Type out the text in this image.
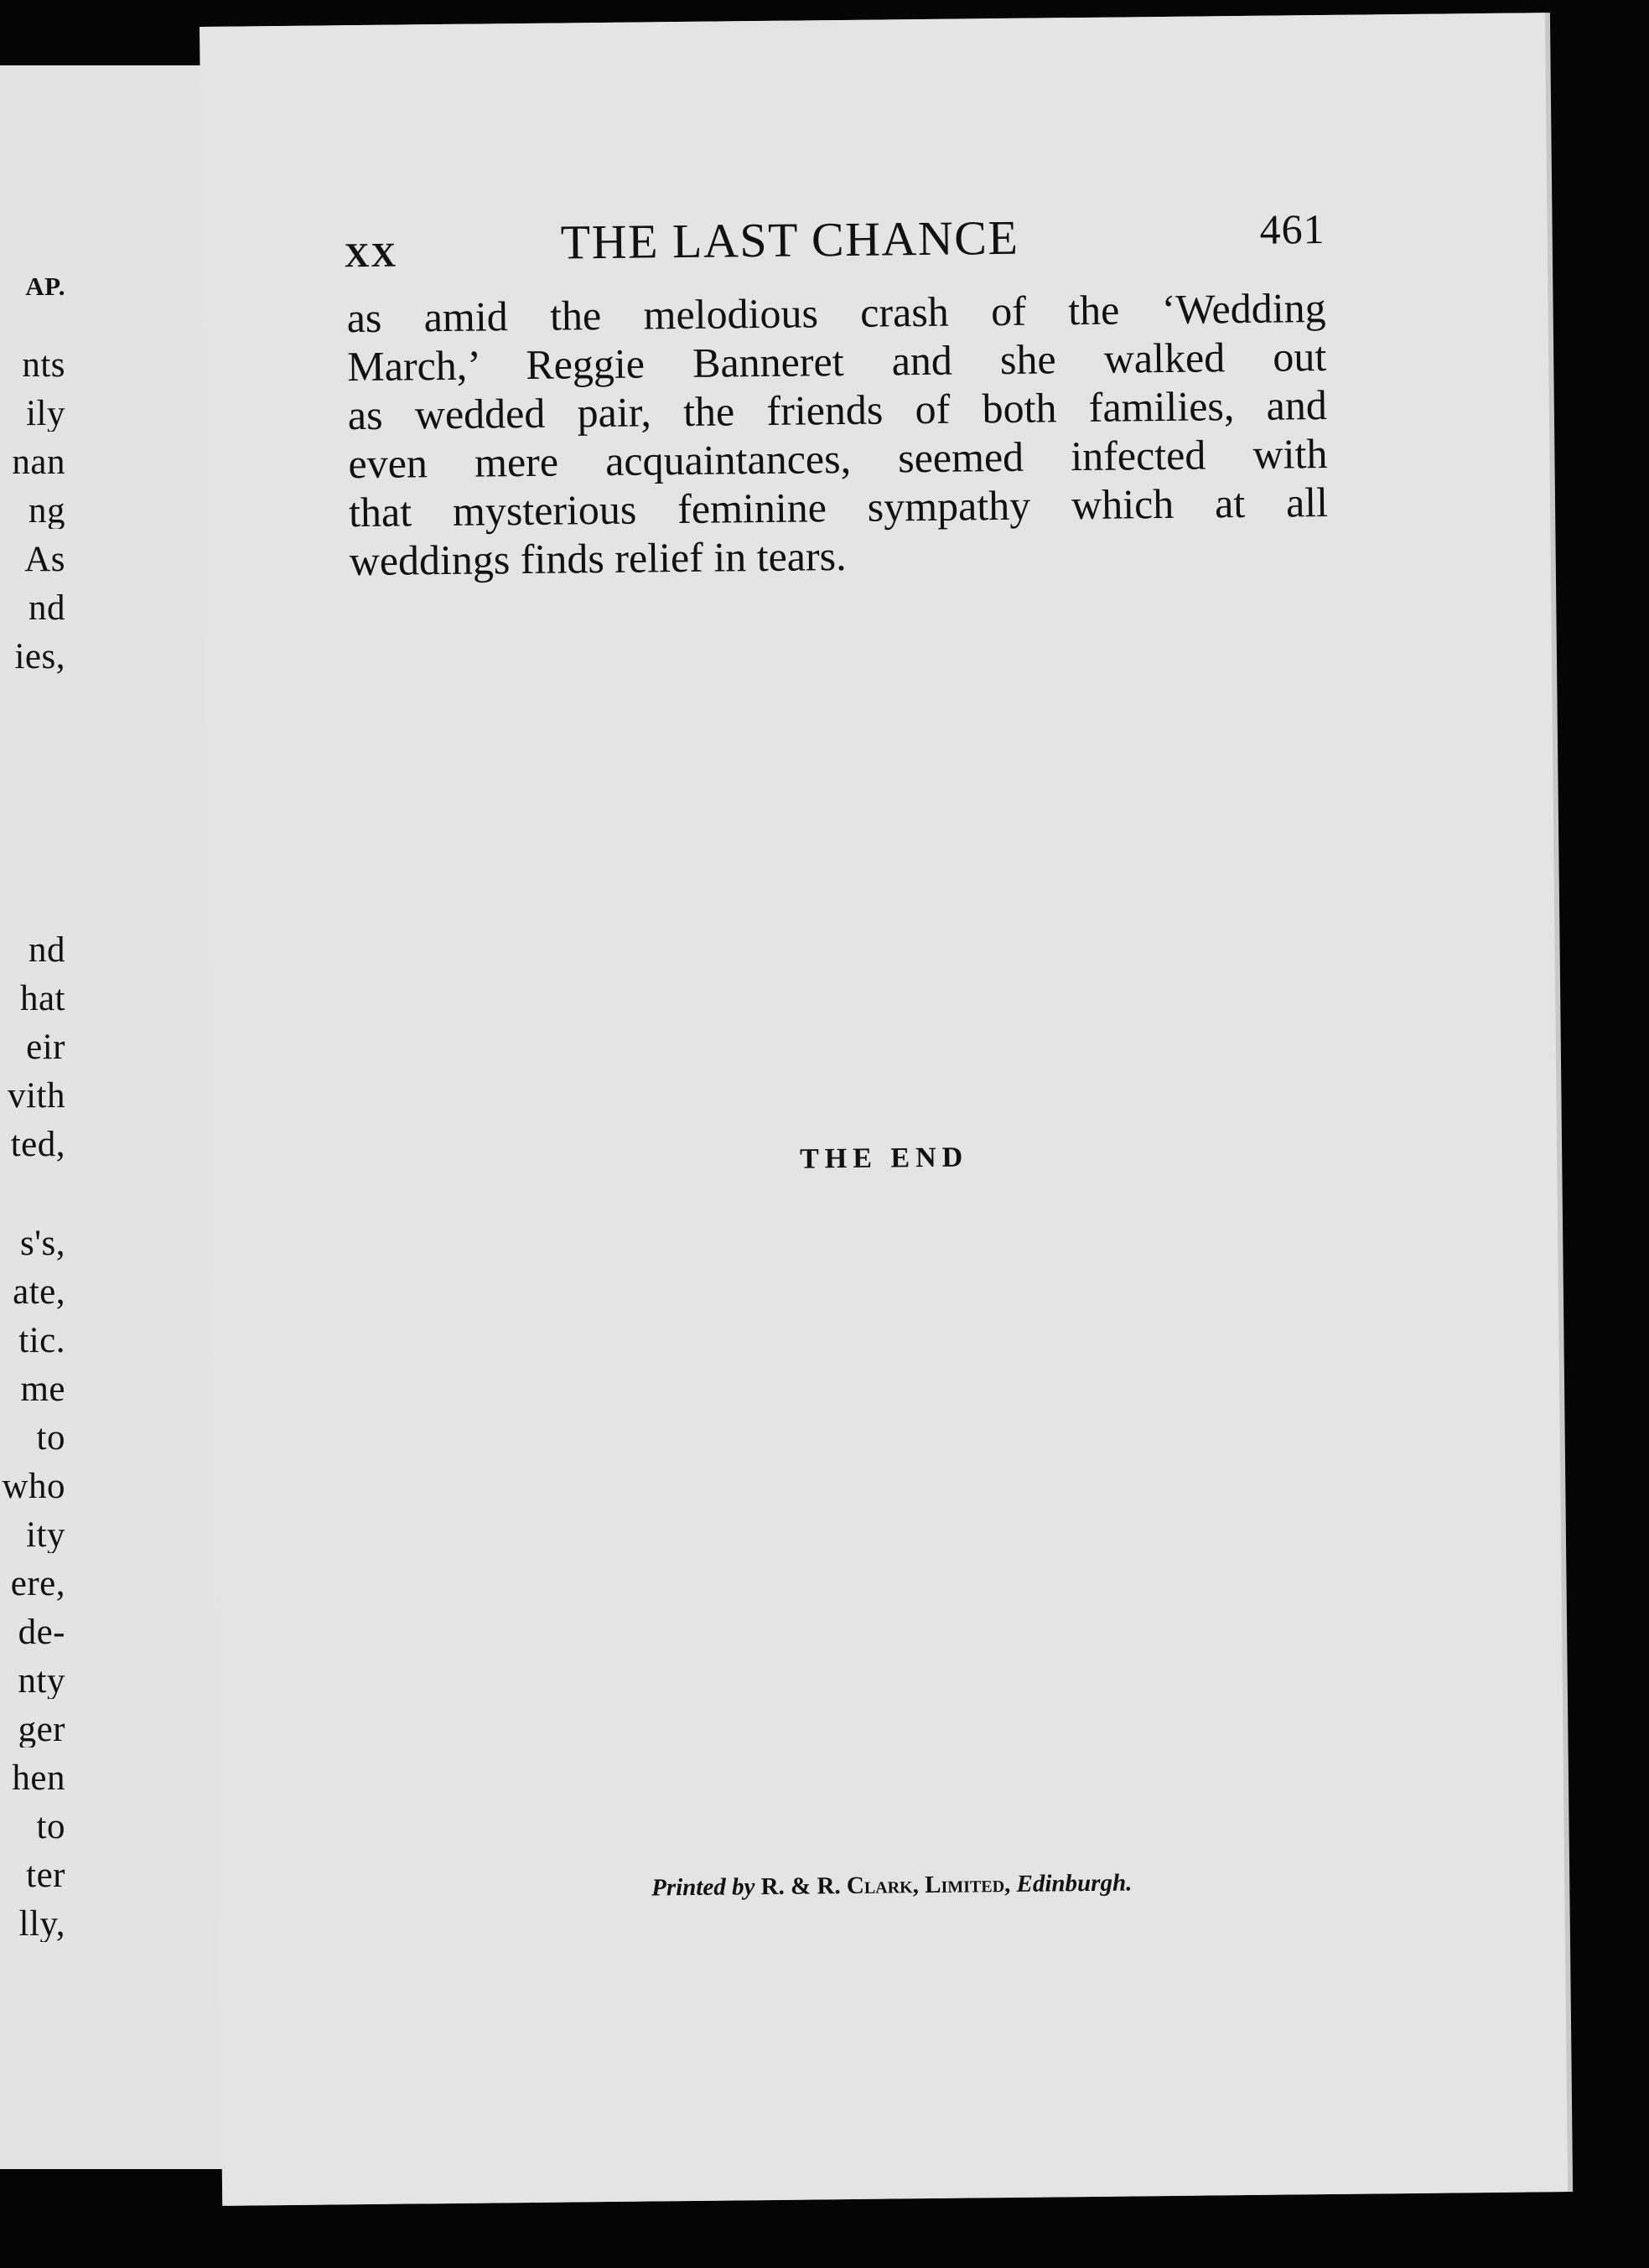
AP.
nts
ily
nan
ng
As
nd
ies,
nd
hat
eir
vith
ted,
s's,
ate,
tic.
me
to
who
ity
ere,
de-
nty
ger
hen
to
ter
lly,
XX	THE LAST CHANCE	461
as amid the melodious crash of the ‘Wedding
March,’ Reggie Banneret and she walked out
as wedded pair, the friends of both families, and
even mere acquaintances, seemed infected with
that mysterious feminine sympathy which at all
weddings finds relief in tears.
THE END
Printed by R. & R. Clark, Limited, Edinburgh.
